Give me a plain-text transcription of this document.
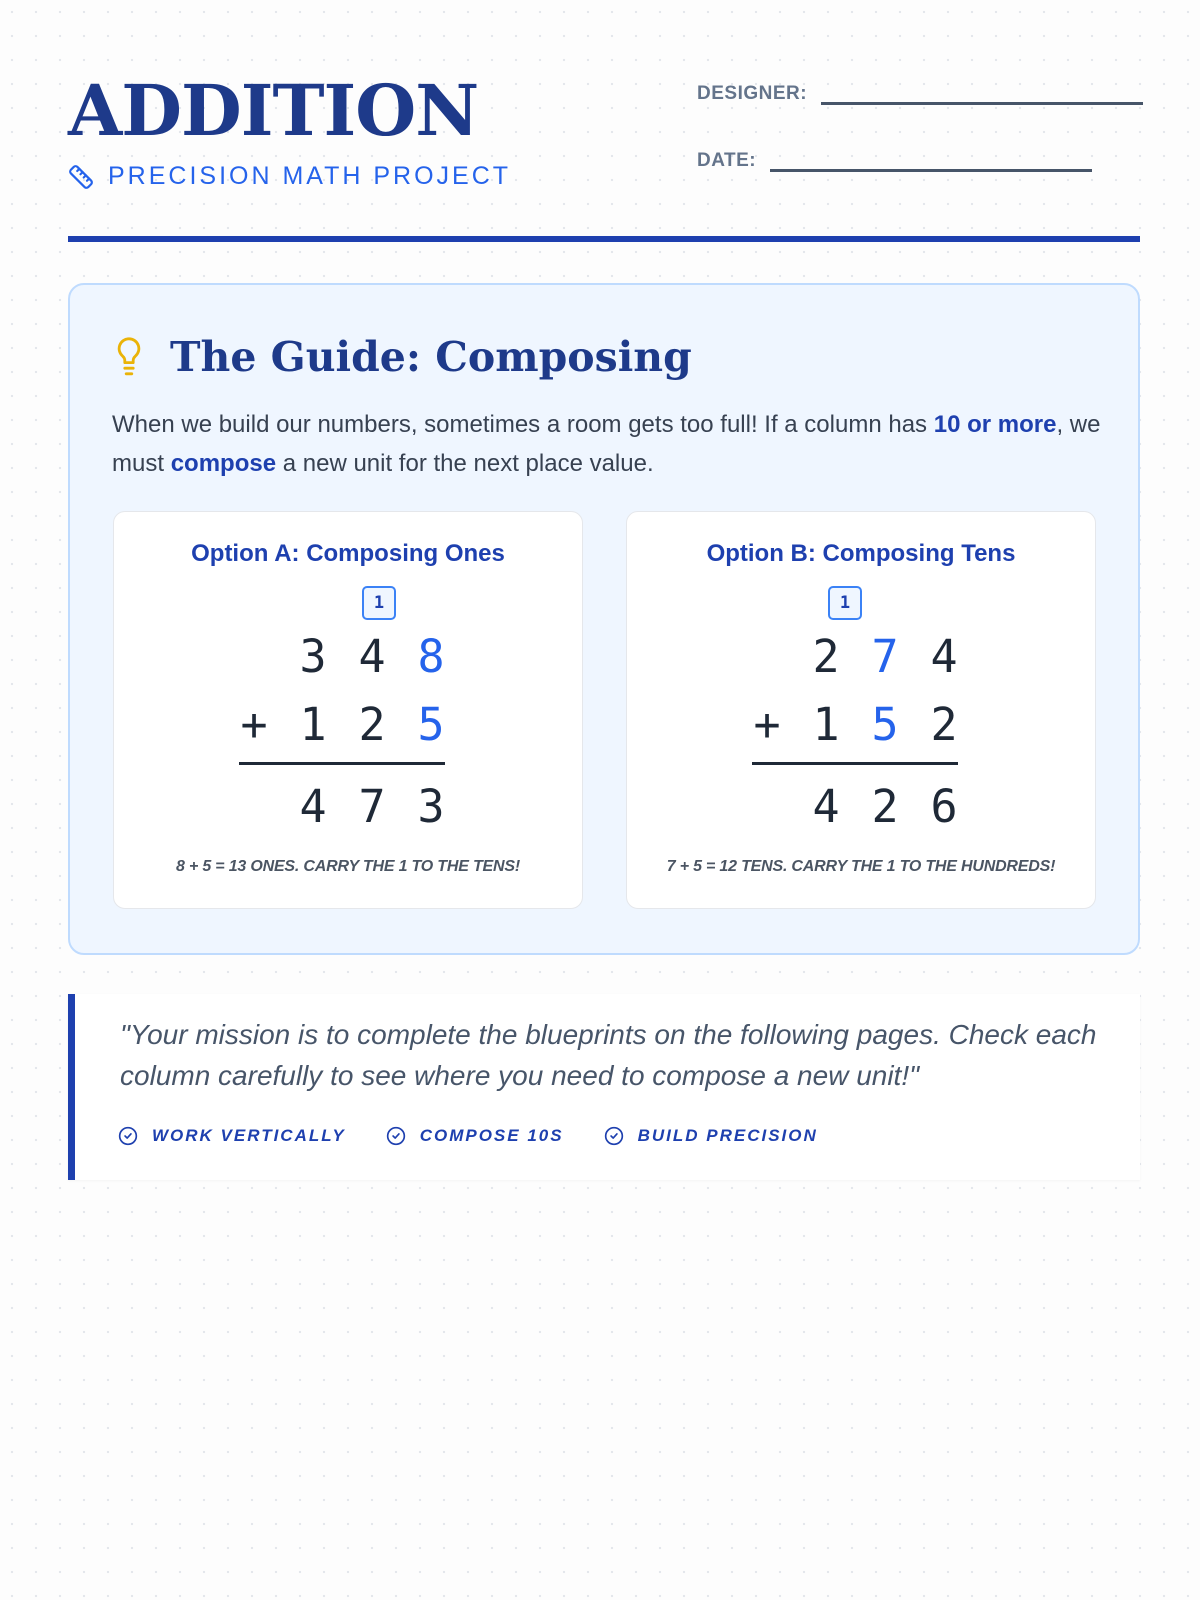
ADDITION
PRECISION MATH PROJECT
DESIGNER:
DATE:
The Guide: Composing

When we build our numbers, sometimes a room gets too full! If a column has 10 or more, we must compose a new unit for the next place value.

Option A: Composing Ones
1
3 4 8
+ 1 2 5
4 7 3
8 + 5 = 13 ONES. CARRY THE 1 TO THE TENS!
Option B: Composing Tens
1
2 7 4
+ 1 5 2
4 2 6
7 + 5 = 12 TENS. CARRY THE 1 TO THE HUNDREDS!

"Your mission is to complete the blueprints on the following pages. Check each column carefully to see where you need to compose a new unit!"

WORK VERTICALLY	COMPOSE 10S	BUILD PRECISION
